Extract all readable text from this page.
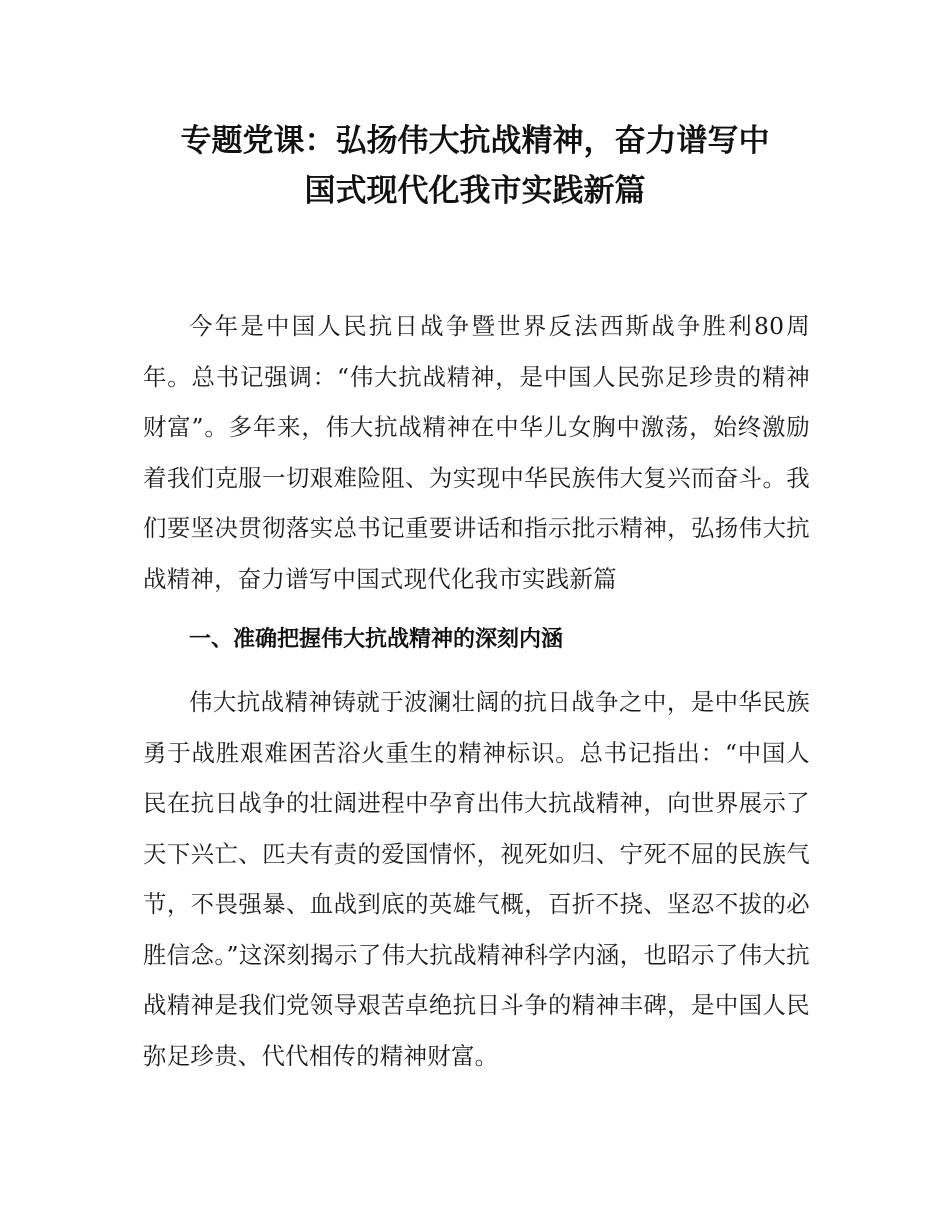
专题党课：弘扬伟大抗战精神，奋力谱写中
国式现代化我市实践新篇

今年是中国人民抗日战争暨世界反法西斯战争胜利80周年。总书记强调：“伟大抗战精神，是中国人民弥足珍贵的精神财富”。多年来，伟大抗战精神在中华儿女胸中激荡，始终激励着我们克服一切艰难险阻、为实现中华民族伟大复兴而奋斗。我们要坚决贯彻落实总书记重要讲话和指示批示精神，弘扬伟大抗战精神，奋力谱写中国式现代化我市实践新篇

一、准确把握伟大抗战精神的深刻内涵

伟大抗战精神铸就于波澜壮阔的抗日战争之中，是中华民族勇于战胜艰难困苦浴火重生的精神标识。总书记指出：“中国人民在抗日战争的壮阔进程中孕育出伟大抗战精神，向世界展示了天下兴亡、匹夫有责的爱国情怀，视死如归、宁死不屈的民族气节，不畏强暴、血战到底的英雄气概，百折不挠、坚忍不拔的必胜信念。”这深刻揭示了伟大抗战精神科学内涵，也昭示了伟大抗战精神是我们党领导艰苦卓绝抗日斗争的精神丰碑，是中国人民弥足珍贵、代代相传的精神财富。
